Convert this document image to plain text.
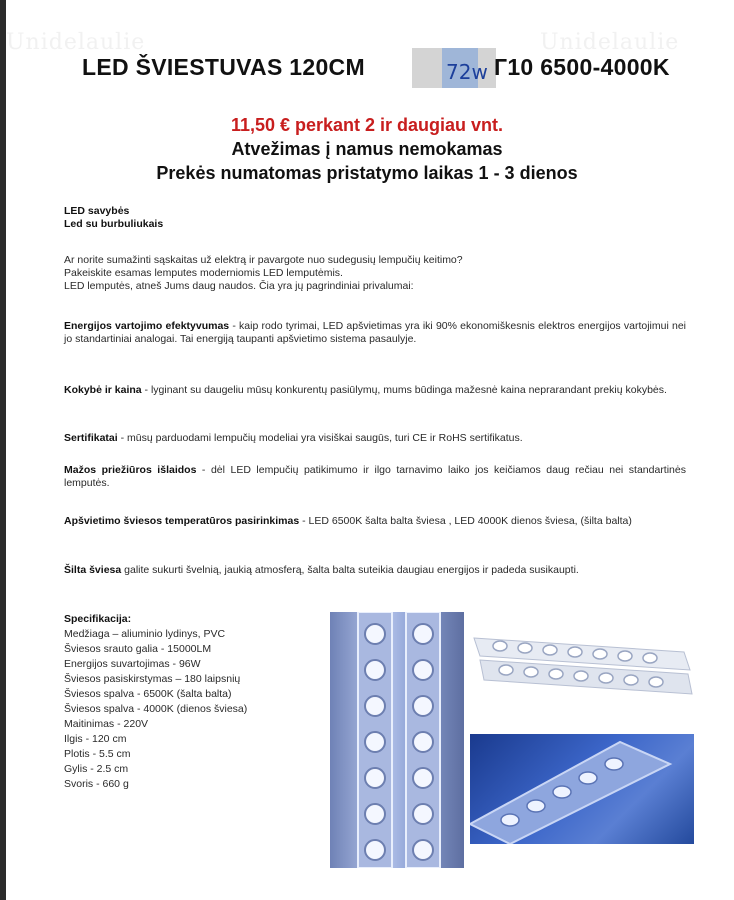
Unidelaulie	Unidelaulie
LED ŠVIESTUVAS 120CM	72w Г10 6500-4000K
11,50 € perkant 2 ir daugiau vnt.
Atvežimas į namus nemokamas
Prekės numatomas pristatymo laikas 1 - 3 dienos
LED savybės
Led su burbuliukais
Ar norite sumažinti sąskaitas už elektrą ir pavargote nuo sudegusių lempučių keitimo?
Pakeiskite esamas lemputes moderniomis LED lemputėmis.
LED lemputės, atneš Jums daug naudos. Čia yra jų pagrindiniai privalumai:
Energijos vartojimo efektyvumas - kaip rodo tyrimai, LED apšvietimas yra iki 90% ekonomiškesnis elektros energijos vartojimui nei jo standartiniai analogai. Tai energiją taupanti apšvietimo sistema pasaulyje.
Kokybė ir kaina - lyginant su daugeliu mūsų konkurentų pasiūlymų, mums būdinga mažesnė kaina neprarandant prekių kokybės.
Sertifikatai - mūsų parduodami lempučių modeliai yra visiškai saugūs, turi CE ir RoHS sertifikatus.
Mažos priežiūros išlaidos - dėl LED lempučių patikimumo ir ilgo tarnavimo laiko jos keičiamos daug rečiau nei standartinės lemputės.
Apšvietimo šviesos temperatūros pasirinkimas - LED 6500K šalta balta šviesa , LED 4000K dienos šviesa, (šilta balta)
Šilta šviesa galite sukurti švelnią, jaukią atmosferą, šalta balta suteikia daugiau energijos ir padeda susikaupti.
Specifikacija:
Medžiaga – aliuminio lydinys, PVC
Šviesos srauto galia - 15000LM
Energijos suvartojimas - 96W
Šviesos pasiskirstymas – 180 laipsnių
Šviesos spalva - 6500K (šalta balta)
Šviesos spalva - 4000K (dienos šviesa)
Maitinimas - 220V
Ilgis - 120 cm
Plotis - 5.5 cm
Gylis - 2.5 cm
Svoris - 660 g
